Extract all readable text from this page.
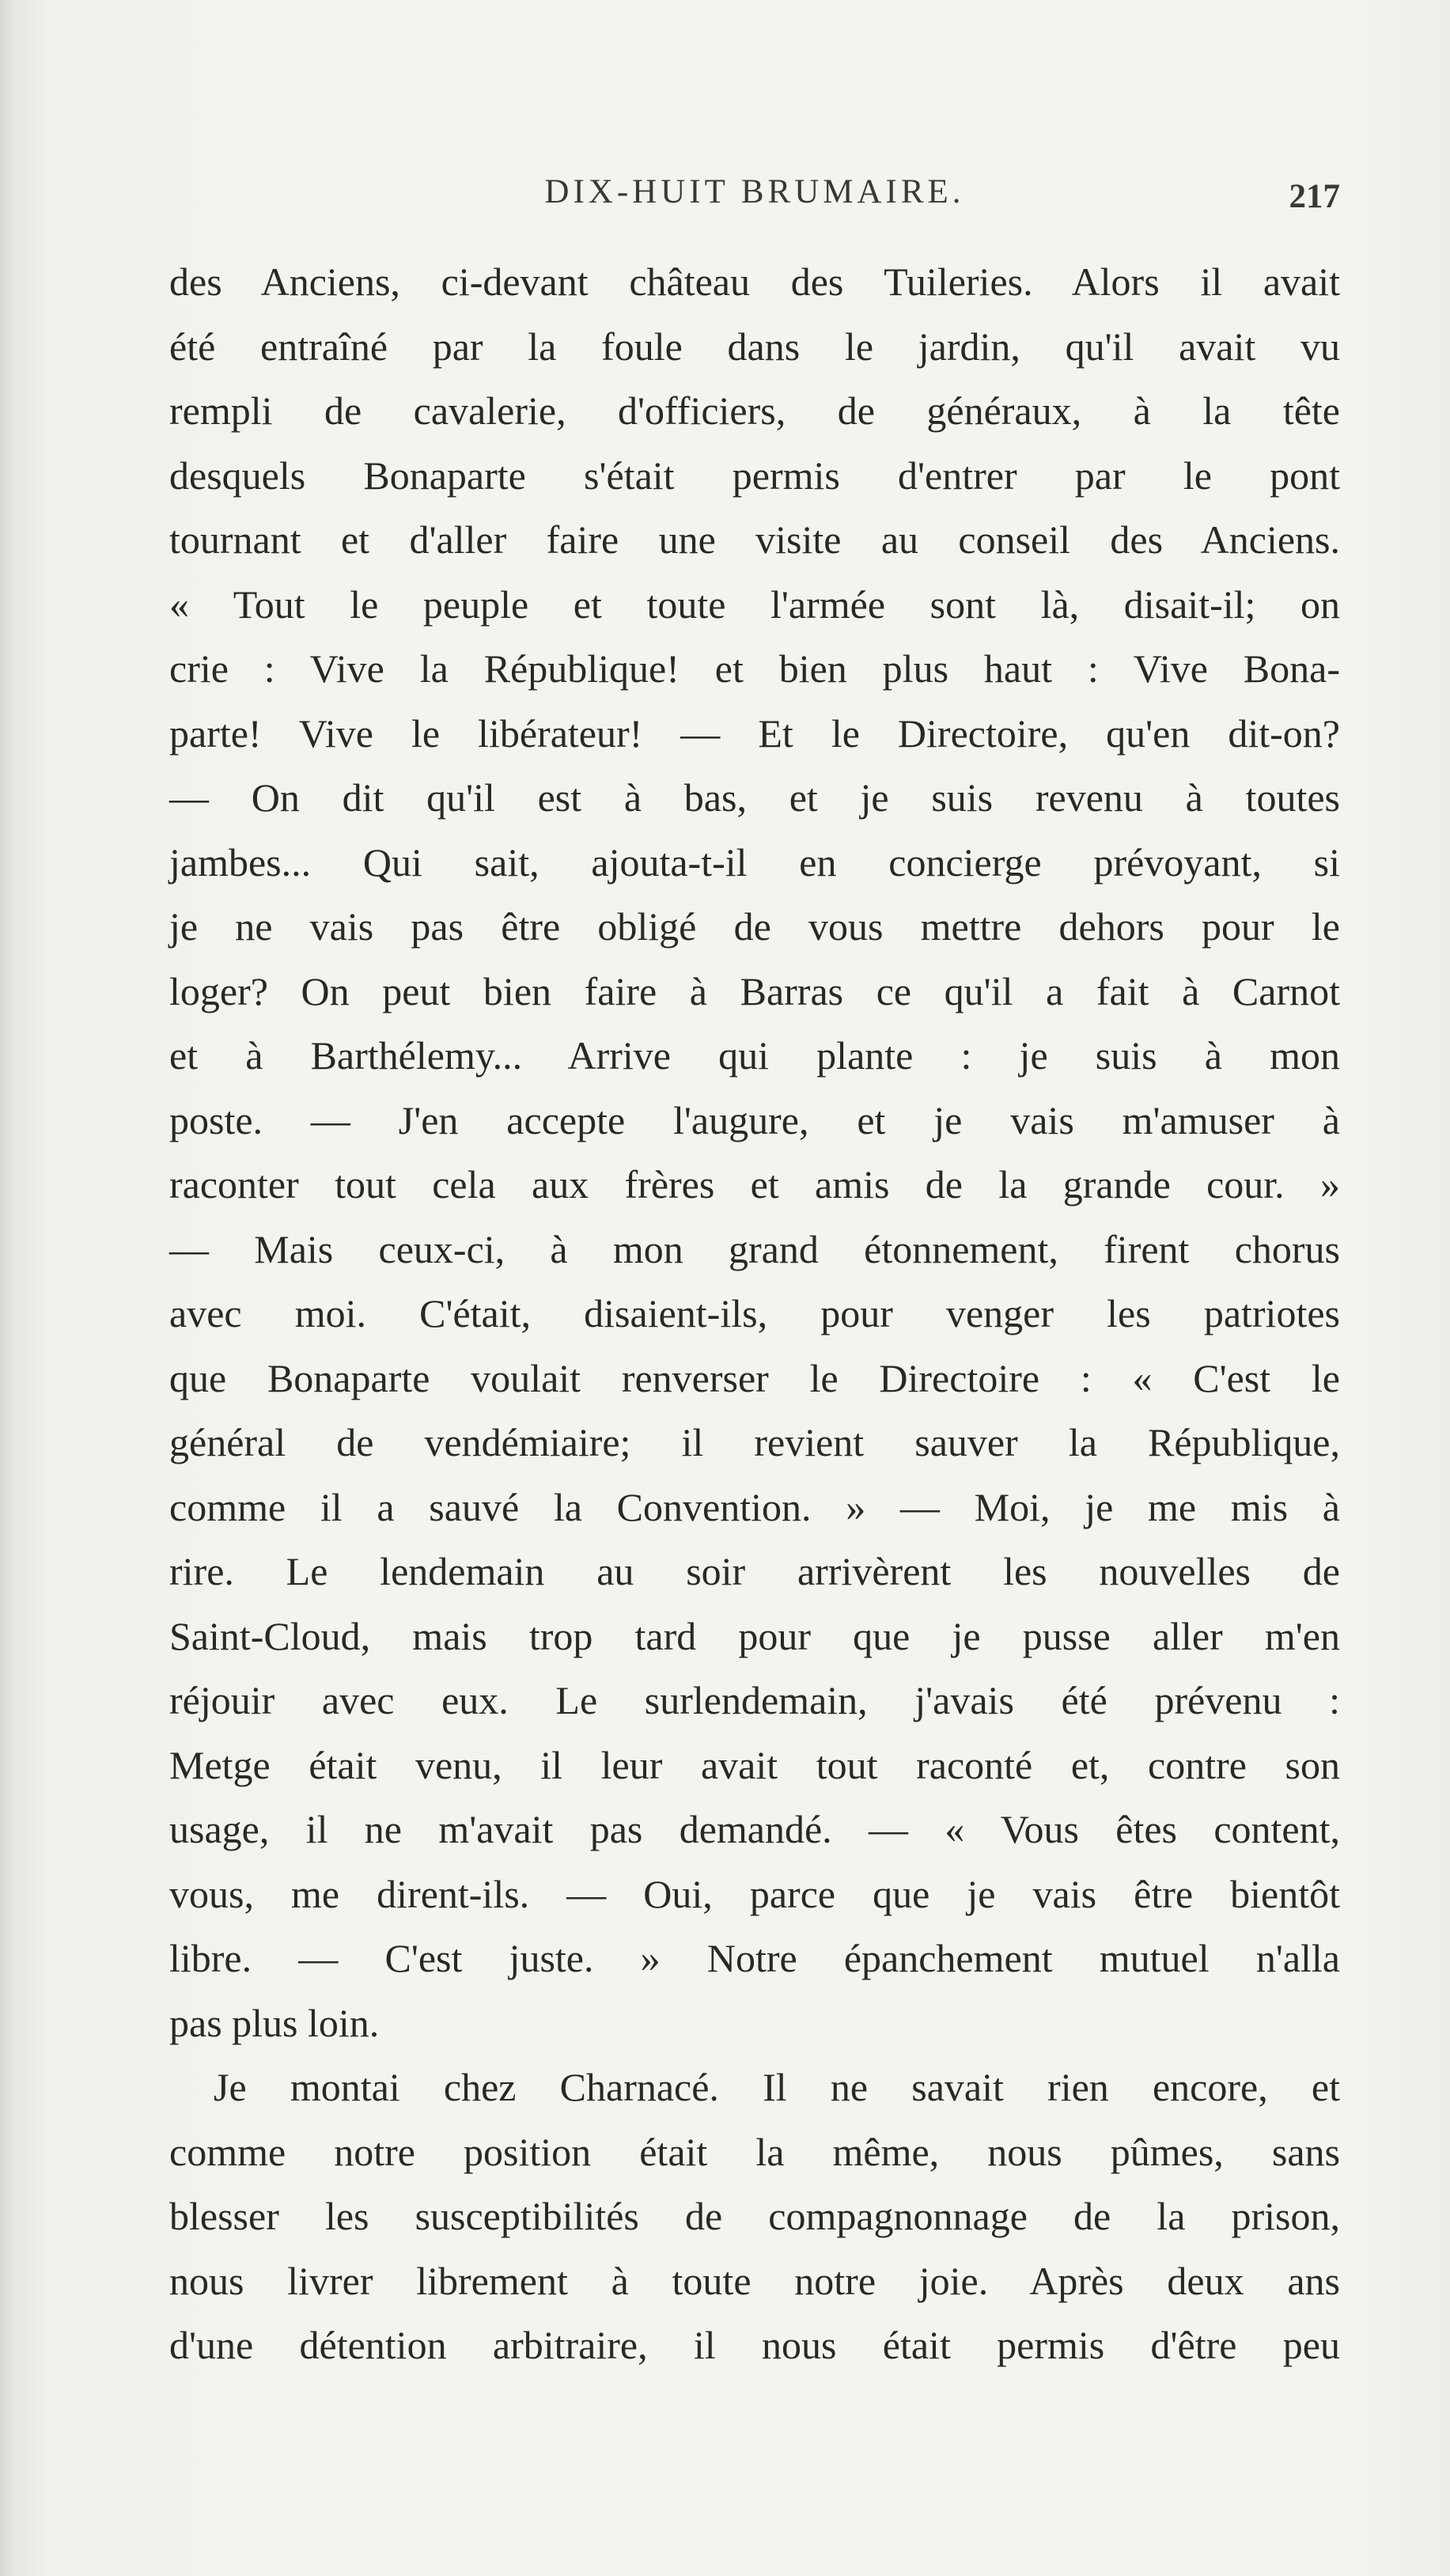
DIX-HUIT BRUMAIRE.	217
des Anciens, ci-devant château des Tuileries. Alors il avait
été entraîné par la foule dans le jardin, qu'il avait vu
rempli de cavalerie, d'officiers, de généraux, à la tête
desquels Bonaparte s'était permis d'entrer par le pont
tournant et d'aller faire une visite au conseil des Anciens.
« Tout le peuple et toute l'armée sont là, disait-il; on
crie : Vive la République! et bien plus haut : Vive Bona-
parte! Vive le libérateur! — Et le Directoire, qu'en dit-on?
— On dit qu'il est à bas, et je suis revenu à toutes
jambes... Qui sait, ajouta-t-il en concierge prévoyant, si
je ne vais pas être obligé de vous mettre dehors pour le
loger? On peut bien faire à Barras ce qu'il a fait à Carnot
et à Barthélemy... Arrive qui plante : je suis à mon
poste. — J'en accepte l'augure, et je vais m'amuser à
raconter tout cela aux frères et amis de la grande cour. »
— Mais ceux-ci, à mon grand étonnement, firent chorus
avec moi. C'était, disaient-ils, pour venger les patriotes
que Bonaparte voulait renverser le Directoire : « C'est le
général de vendémiaire; il revient sauver la République,
comme il a sauvé la Convention. » — Moi, je me mis à
rire. Le lendemain au soir arrivèrent les nouvelles de
Saint-Cloud, mais trop tard pour que je pusse aller m'en
réjouir avec eux. Le surlendemain, j'avais été prévenu :
Metge était venu, il leur avait tout raconté et, contre son
usage, il ne m'avait pas demandé. — « Vous êtes content,
vous, me dirent-ils. — Oui, parce que je vais être bientôt
libre. — C'est juste. » Notre épanchement mutuel n'alla
pas plus loin.
Je montai chez Charnacé. Il ne savait rien encore, et
comme notre position était la même, nous pûmes, sans
blesser les susceptibilités de compagnonnage de la prison,
nous livrer librement à toute notre joie. Après deux ans
d'une détention arbitraire, il nous était permis d'être peu
